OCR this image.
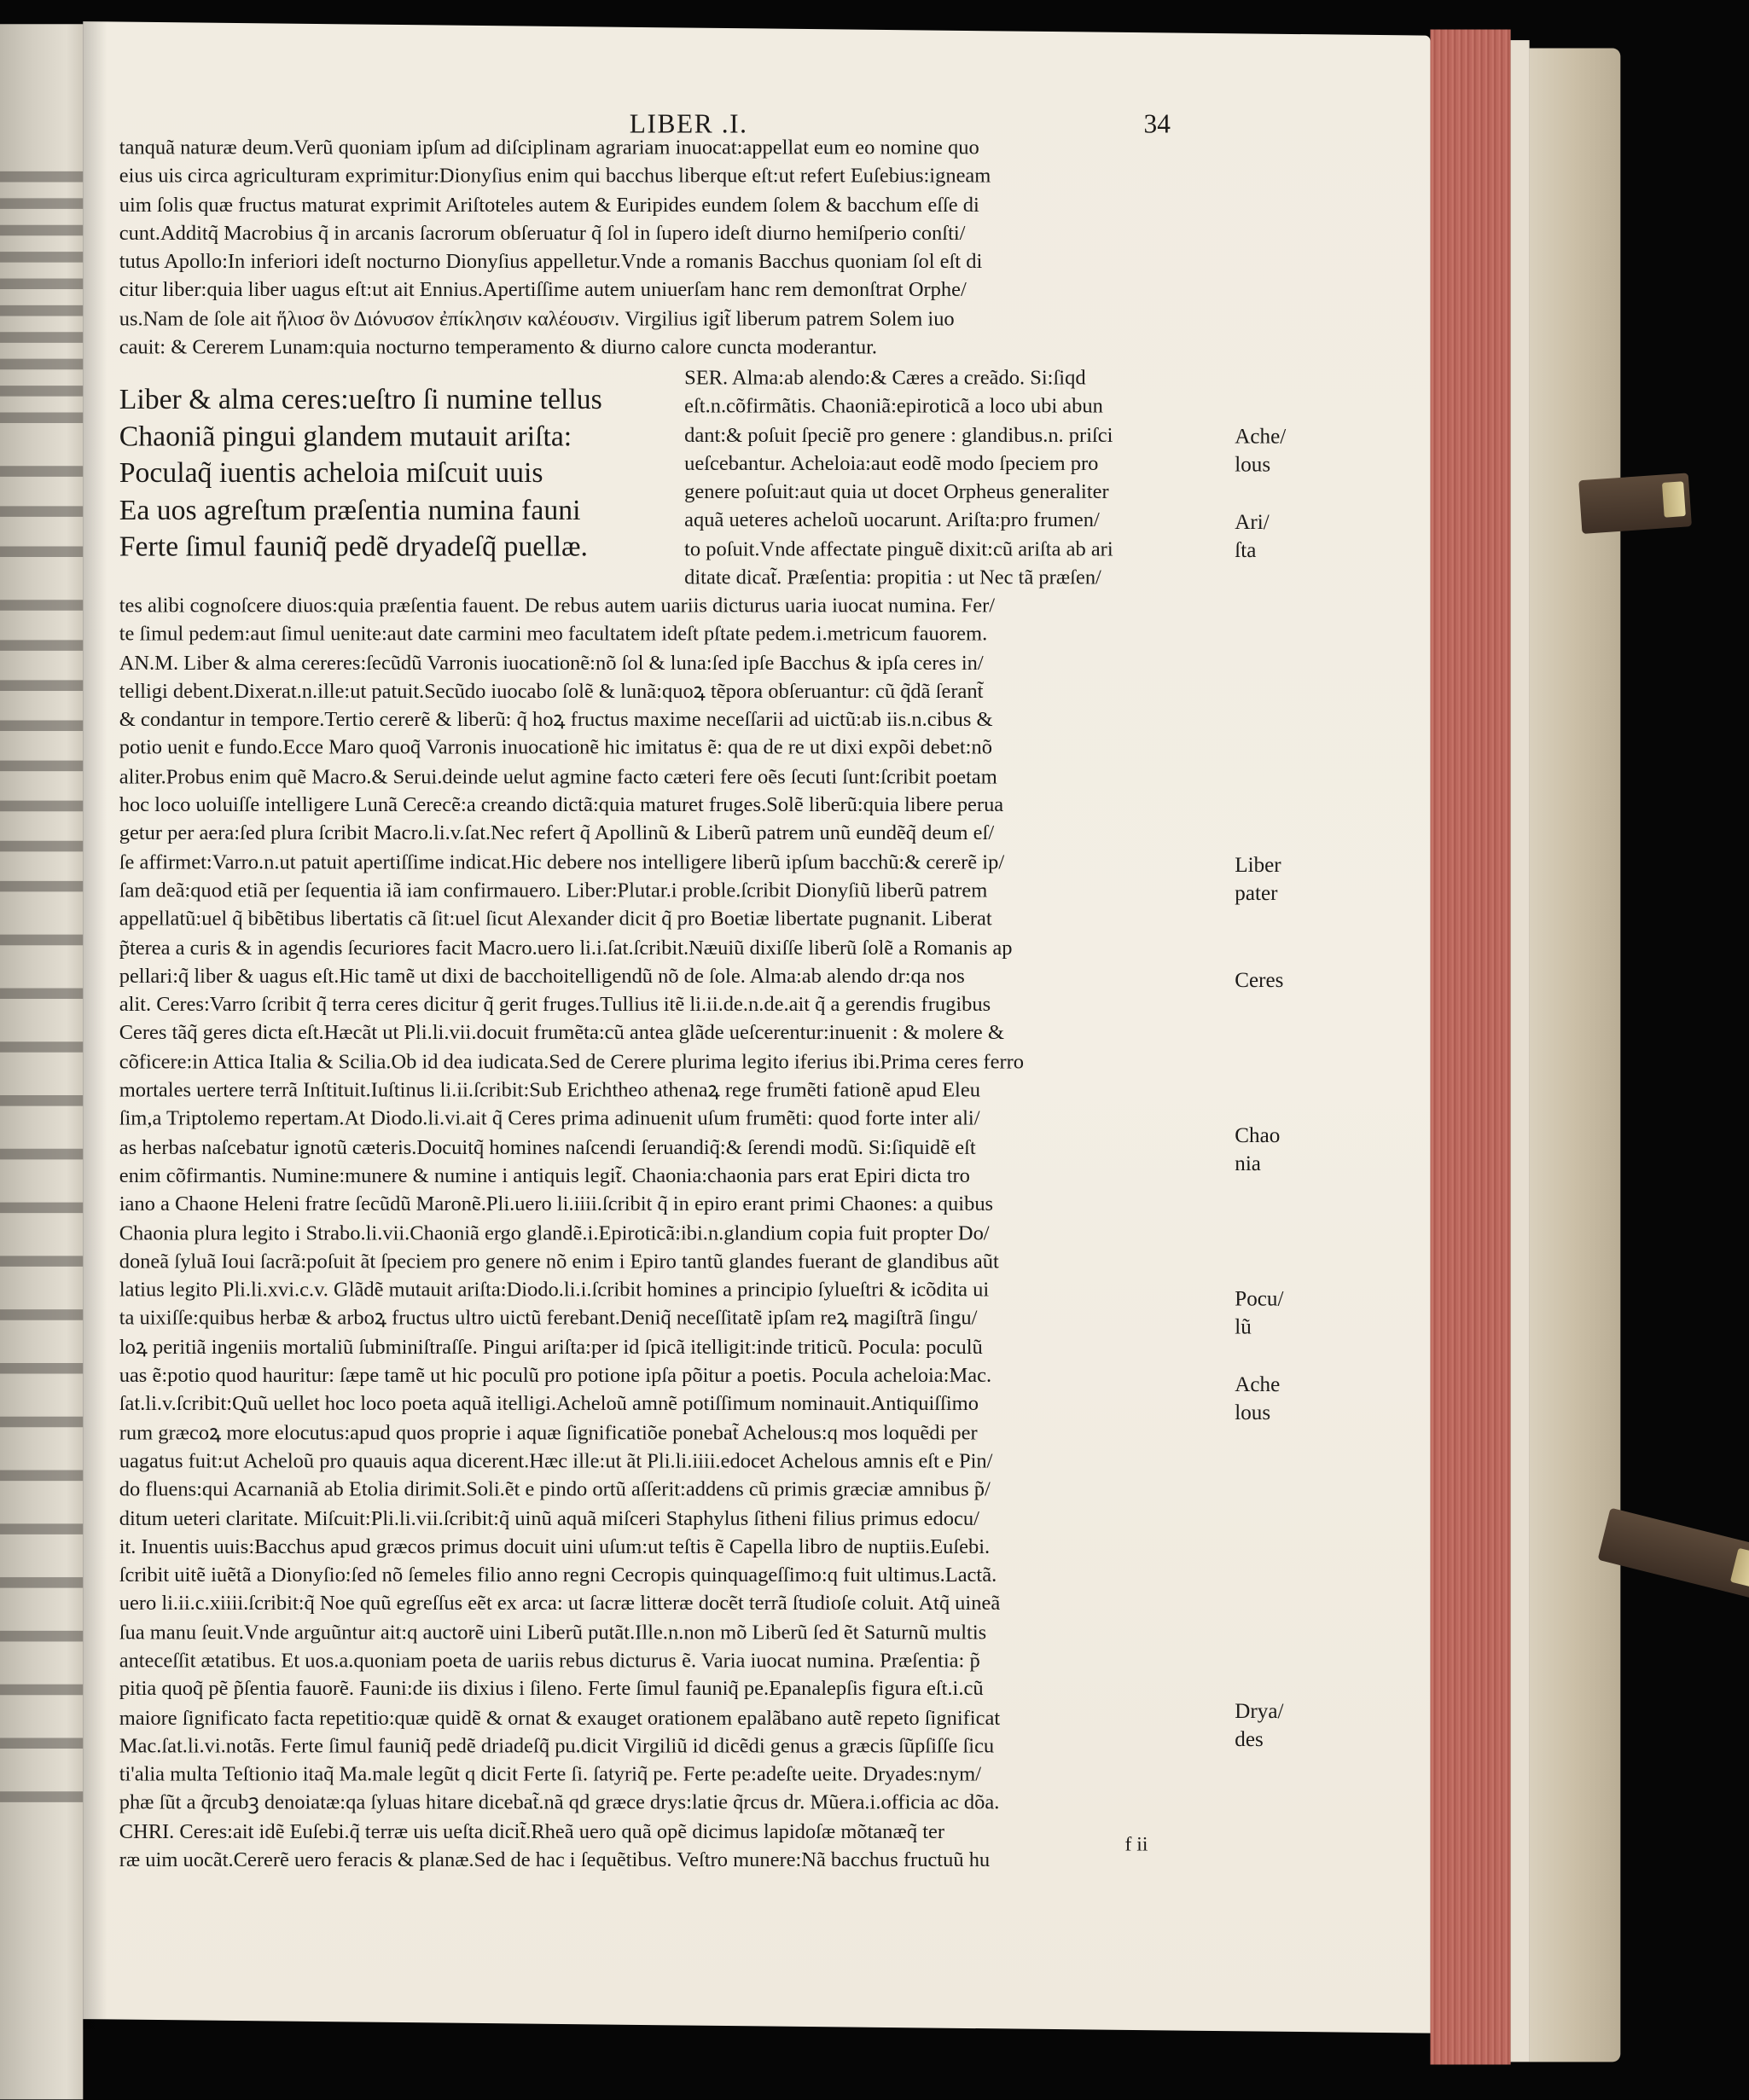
LIBER .I.	34
tanquã naturæ deum.Verũ quoniam ipſum ad diſciplinam agrariam inuocat:appellat eum eo nomine quo
eius uis circa agriculturam exprimitur:Dionyſius enim qui bacchus liberque eſt:ut refert Euſebius:igneam
uim ſolis quæ fructus maturat exprimit Ariſtoteles autem & Euripides eundem ſolem & bacchum eſſe di
cunt.Additq̃ Macrobius q̃ in arcanis ſacrorum obſeruatur q̃ ſol in ſupero ideſt diurno hemiſperio conſti/
tutus Apollo:In inferiori ideſt nocturno Dionyſius appelletur.Vnde a romanis Bacchus quoniam ſol eſt di
citur liber:quia liber uagus eſt:ut ait Ennius.Apertiſſime autem uniuerſam hanc rem demonſtrat Orphe/
us.Nam de ſole ait ἥλιοσ ὃν Διόνυσον ἐπίκλησιν καλέουσιν. Virgilius igit̃ liberum patrem Solem iuo
cauit: & Cererem Lunam:quia nocturno temperamento & diurno calore cuncta moderantur.
Liber & alma ceres:ueſtro ſi numine tellus
Chaoniã pingui glandem mutauit ariſta:
Poculaq̃ iuentis acheloia miſcuit uuis
Ea uos agreſtum præſentia numina fauni
Ferte ſimul fauniq̃ pedẽ dryadeſq̃ puellæ.
SER. Alma:ab alendo:& Cæres a creãdo. Si:ſiqd
eſt.n.cõfirmãtis. Chaoniã:epiroticã a loco ubi abun
dant:& poſuit ſpeciẽ pro genere : glandibus.n. priſci
ueſcebantur. Acheloia:aut eodẽ modo ſpeciem pro
genere poſuit:aut quia ut docet Orpheus generaliter
aquã ueteres acheloũ uocarunt. Ariſta:pro frumen/
to poſuit.Vnde affectate pinguẽ dixit:cũ ariſta ab ari
ditate dicat̃. Præſentia: propitia : ut Nec tã præſen/
tes alibi cognoſcere diuos:quia præſentia fauent. De rebus autem uariis dicturus uaria iuocat numina. Fer/
te ſimul pedem:aut ſimul uenite:aut date carmini meo facultatem ideſt pſtate pedem.i.metricum fauorem.
AN.M. Liber & alma cereres:ſecũdũ Varronis iuocationẽ:nõ ſol & luna:ſed ipſe Bacchus & ipſa ceres in/
telligi debent.Dixerat.n.ille:ut patuit.Secũdo iuocabo ſolẽ & lunã:quoꝝ tẽpora obſeruantur: cũ q̃dã ſerant̃
& condantur in tempore.Tertio cererẽ & liberũ: q̃ hoꝝ fructus maxime neceſſarii ad uictũ:ab iis.n.cibus &
potio uenit e fundo.Ecce Maro quoq̃ Varronis inuocationẽ hic imitatus ẽ: qua de re ut dixi expõi debet:nõ
aliter.Probus enim quẽ Macro.& Serui.deinde uelut agmine facto cæteri fere oẽs ſecuti ſunt:ſcribit poetam
hoc loco uoluiſſe intelligere Lunã Cerecẽ:a creando dictã:quia maturet fruges.Solẽ liberũ:quia libere perua
getur per aera:ſed plura ſcribit Macro.li.v.ſat.Nec refert q̃ Apollinũ & Liberũ patrem unũ eundẽq̃ deum eſ/
ſe affirmet:Varro.n.ut patuit apertiſſime indicat.Hic debere nos intelligere liberũ ipſum bacchũ:& cererẽ ip/
ſam deã:quod etiã per ſequentia iã iam confirmauero. Liber:Plutar.i proble.ſcribit Dionyſiũ liberũ patrem
appellatũ:uel q̃ bibẽtibus libertatis cã ſit:uel ſicut Alexander dicit q̃ pro Boetiæ libertate pugnanit. Liberat
p̃terea a curis & in agendis ſecuriores facit Macro.uero li.i.ſat.ſcribit.Næuiũ dixiſſe liberũ ſolẽ a Romanis ap
pellari:q̃ liber & uagus eſt.Hic tamẽ ut dixi de bacchoitelligendũ nõ de ſole. Alma:ab alendo dr:qa nos
alit. Ceres:Varro ſcribit q̃ terra ceres dicitur q̃ gerit fruges.Tullius itẽ li.ii.de.n.de.ait q̃ a gerendis frugibus
Ceres tãq̃ geres dicta eſt.Hæcãt ut Pli.li.vii.docuit frumẽta:cũ antea glãde ueſcerentur:inuenit : & molere &
cõficere:in Attica Italia & Scilia.Ob id dea iudicata.Sed de Cerere plurima legito iferius ibi.Prima ceres ferro
mortales uertere terrã Inſtituit.Iuſtinus li.ii.ſcribit:Sub Erichtheo athenaꝝ rege frumẽti fationẽ apud Eleu
ſim,a Triptolemo repertam.At Diodo.li.vi.ait q̃ Ceres prima adinuenit uſum frumẽti: quod forte inter ali/
as herbas naſcebatur ignotũ cæteris.Docuitq̃ homines naſcendi ſeruandiq̃:& ſerendi modũ. Si:ſiquidẽ eſt
enim cõfirmantis. Numine:munere & numine i antiquis legit̃. Chaonia:chaonia pars erat Epiri dicta tro
iano a Chaone Heleni fratre ſecũdũ Maronẽ.Pli.uero li.iiii.ſcribit q̃ in epiro erant primi Chaones: a quibus
Chaonia plura legito i Strabo.li.vii.Chaoniã ergo glandẽ.i.Epiroticã:ibi.n.glandium copia fuit propter Do/
doneã ſyluã Ioui ſacrã:poſuit ãt ſpeciem pro genere nõ enim i Epiro tantũ glandes fuerant de glandibus aũt
latius legito Pli.li.xvi.c.v. Glãdẽ mutauit ariſta:Diodo.li.i.ſcribit homines a principio ſylueſtri & icõdita ui
ta uixiſſe:quibus herbæ & arboꝝ fructus ultro uictũ ferebant.Deniq̃ neceſſitatẽ ipſam reꝝ magiſtrã ſingu/
loꝝ peritiã ingeniis mortaliũ ſubminiſtraſſe. Pingui ariſta:per id ſpicã itelligit:inde triticũ. Pocula: poculũ
uas ẽ:potio quod hauritur: ſæpe tamẽ ut hic poculũ pro potione ipſa põitur a poetis. Pocula acheloia:Mac.
ſat.li.v.ſcribit:Quũ uellet hoc loco poeta aquã itelligi.Acheloũ amnẽ potiſſimum nominauit.Antiquiſſimo
rum græcoꝝ more elocutus:apud quos proprie i aquæ ſignificatiõe ponebat̃ Achelous:q mos loquẽdi per
uagatus fuit:ut Acheloũ pro quauis aqua dicerent.Hæc ille:ut ãt Pli.li.iiii.edocet Achelous amnis eſt e Pin/
do fluens:qui Acarnaniã ab Etolia dirimit.Soli.ẽt e pindo ortũ aſſerit:addens cũ primis græciæ amnibus p̃/
ditum ueteri claritate. Miſcuit:Pli.li.vii.ſcribit:q̃ uinũ aquã miſceri Staphylus ſitheni filius primus edocu/
it. Inuentis uuis:Bacchus apud græcos primus docuit uini uſum:ut teſtis ẽ Capella libro de nuptiis.Euſebi.
ſcribit uitẽ iuẽtã a Dionyſio:ſed nõ ſemeles filio anno regni Cecropis quinquageſſimo:q fuit ultimus.Lactã.
uero li.ii.c.xiiii.ſcribit:q̃ Noe quũ egreſſus eẽt ex arca: ut ſacræ litteræ docẽt terrã ſtudioſe coluit. Atq̃ uineã
ſua manu ſeuit.Vnde arguũntur ait:q auctorẽ uini Liberũ putãt.Ille.n.non mõ Liberũ ſed ẽt Saturnũ multis
anteceſſit ætatibus. Et uos.a.quoniam poeta de uariis rebus dicturus ẽ. Varia iuocat numina. Præſentia: p̃
pitia quoq̃ pẽ p̃ſentia fauorẽ. Fauni:de iis dixius i ſileno. Ferte ſimul fauniq̃ pe.Epanalepſis figura eſt.i.cũ
maiore ſignificato facta repetitio:quæ quidẽ & ornat & exauget orationem epalãbano autẽ repeto ſignificat
Mac.ſat.li.vi.notãs. Ferte ſimul fauniq̃ pedẽ driadeſq̃ pu.dicit Virgiliũ id dicẽdi genus a græcis ſũpſiſſe ſicu
ti'alia multa Teſtionio itaq̃ Ma.male legũt q dicit Ferte ſi. ſatyriq̃ pe. Ferte pe:adeſte ueite. Dryades:nym/
phæ ſũt a q̃rcubꝫ denoiatæ:qa ſyluas hitare dicebat̃.nã qd græce drys:latie q̃rcus dr. Mũera.i.officia ac dõa.
CHRI. Ceres:ait idẽ Euſebi.q̃ terræ uis ueſta dicit̃.Rheã uero quã opẽ dicimus lapidoſæ mõtanæq̃ ter
ræ uim uocãt.Cererẽ uero feracis & planæ.Sed de hac i ſequẽtibus. Veſtro munere:Nã bacchus fructuũ hu
Ache/
lous
Ari/
ſta
Liber
pater
Ceres
Chao
nia
Pocu/
lũ
Ache
lous
Drya/
des
f ii
